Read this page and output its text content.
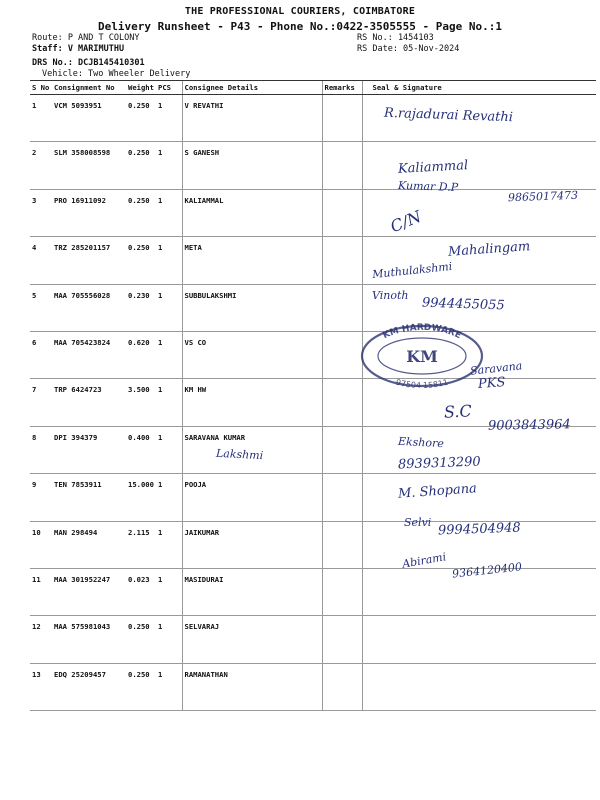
THE PROFESSIONAL COURIERS, COIMBATORE
Delivery Runsheet - P43 - Phone No.:0422-3505555 - Page No.:1
Route: P AND T COLONY
Staff: V MARIMUTHU
DRS No.: DCJB145410301
Vehicle: Two Wheeler Delivery
RS No.: 1454103
RS Date: 05-Nov-2024
S No	Consignment No	Weight	PCS	Consignee Details	Remarks	Seal & Signature
1	VCM 5093951	0.250	1	V REVATHI		
2	SLM 358008598	0.250	1	S GANESH		
3	PRO 16911092	0.250	1	KALIAMMAL		
4	TRZ 285201157	0.250	1	META		
5	MAA 705556028	0.230	1	SUBBULAKSHMI		
6	MAA 705423824	0.620	1	VS CO		
7	TRP 6424723	3.500	1	KM HW		
8	DPI 394379	0.400	1	SARAVANA KUMAR		
9	TEN 7853911	15.000	1	POOJA		
10	MAN 298494	2.115	1	JAIKUMAR		
11	MAA 301952247	0.023	1	MASIDURAI		
12	MAA 575981043	0.250	1	SELVARAJ		
13	EDQ 25209457	0.250	1	RAMANATHAN		
R.rajadurai Revathi
Kaliammal
Kumar D.P
9865017473
C/N
Mahalingam
Muthulakshmi
Vinoth
9944455055
KM HARDWARE
KM
97504 15811
Saravana
PKS
S.C
9003843964
Lakshmi
Ekshore
8939313290
M. Shopana
Selvi 9994504948
Abirami 9364120400
